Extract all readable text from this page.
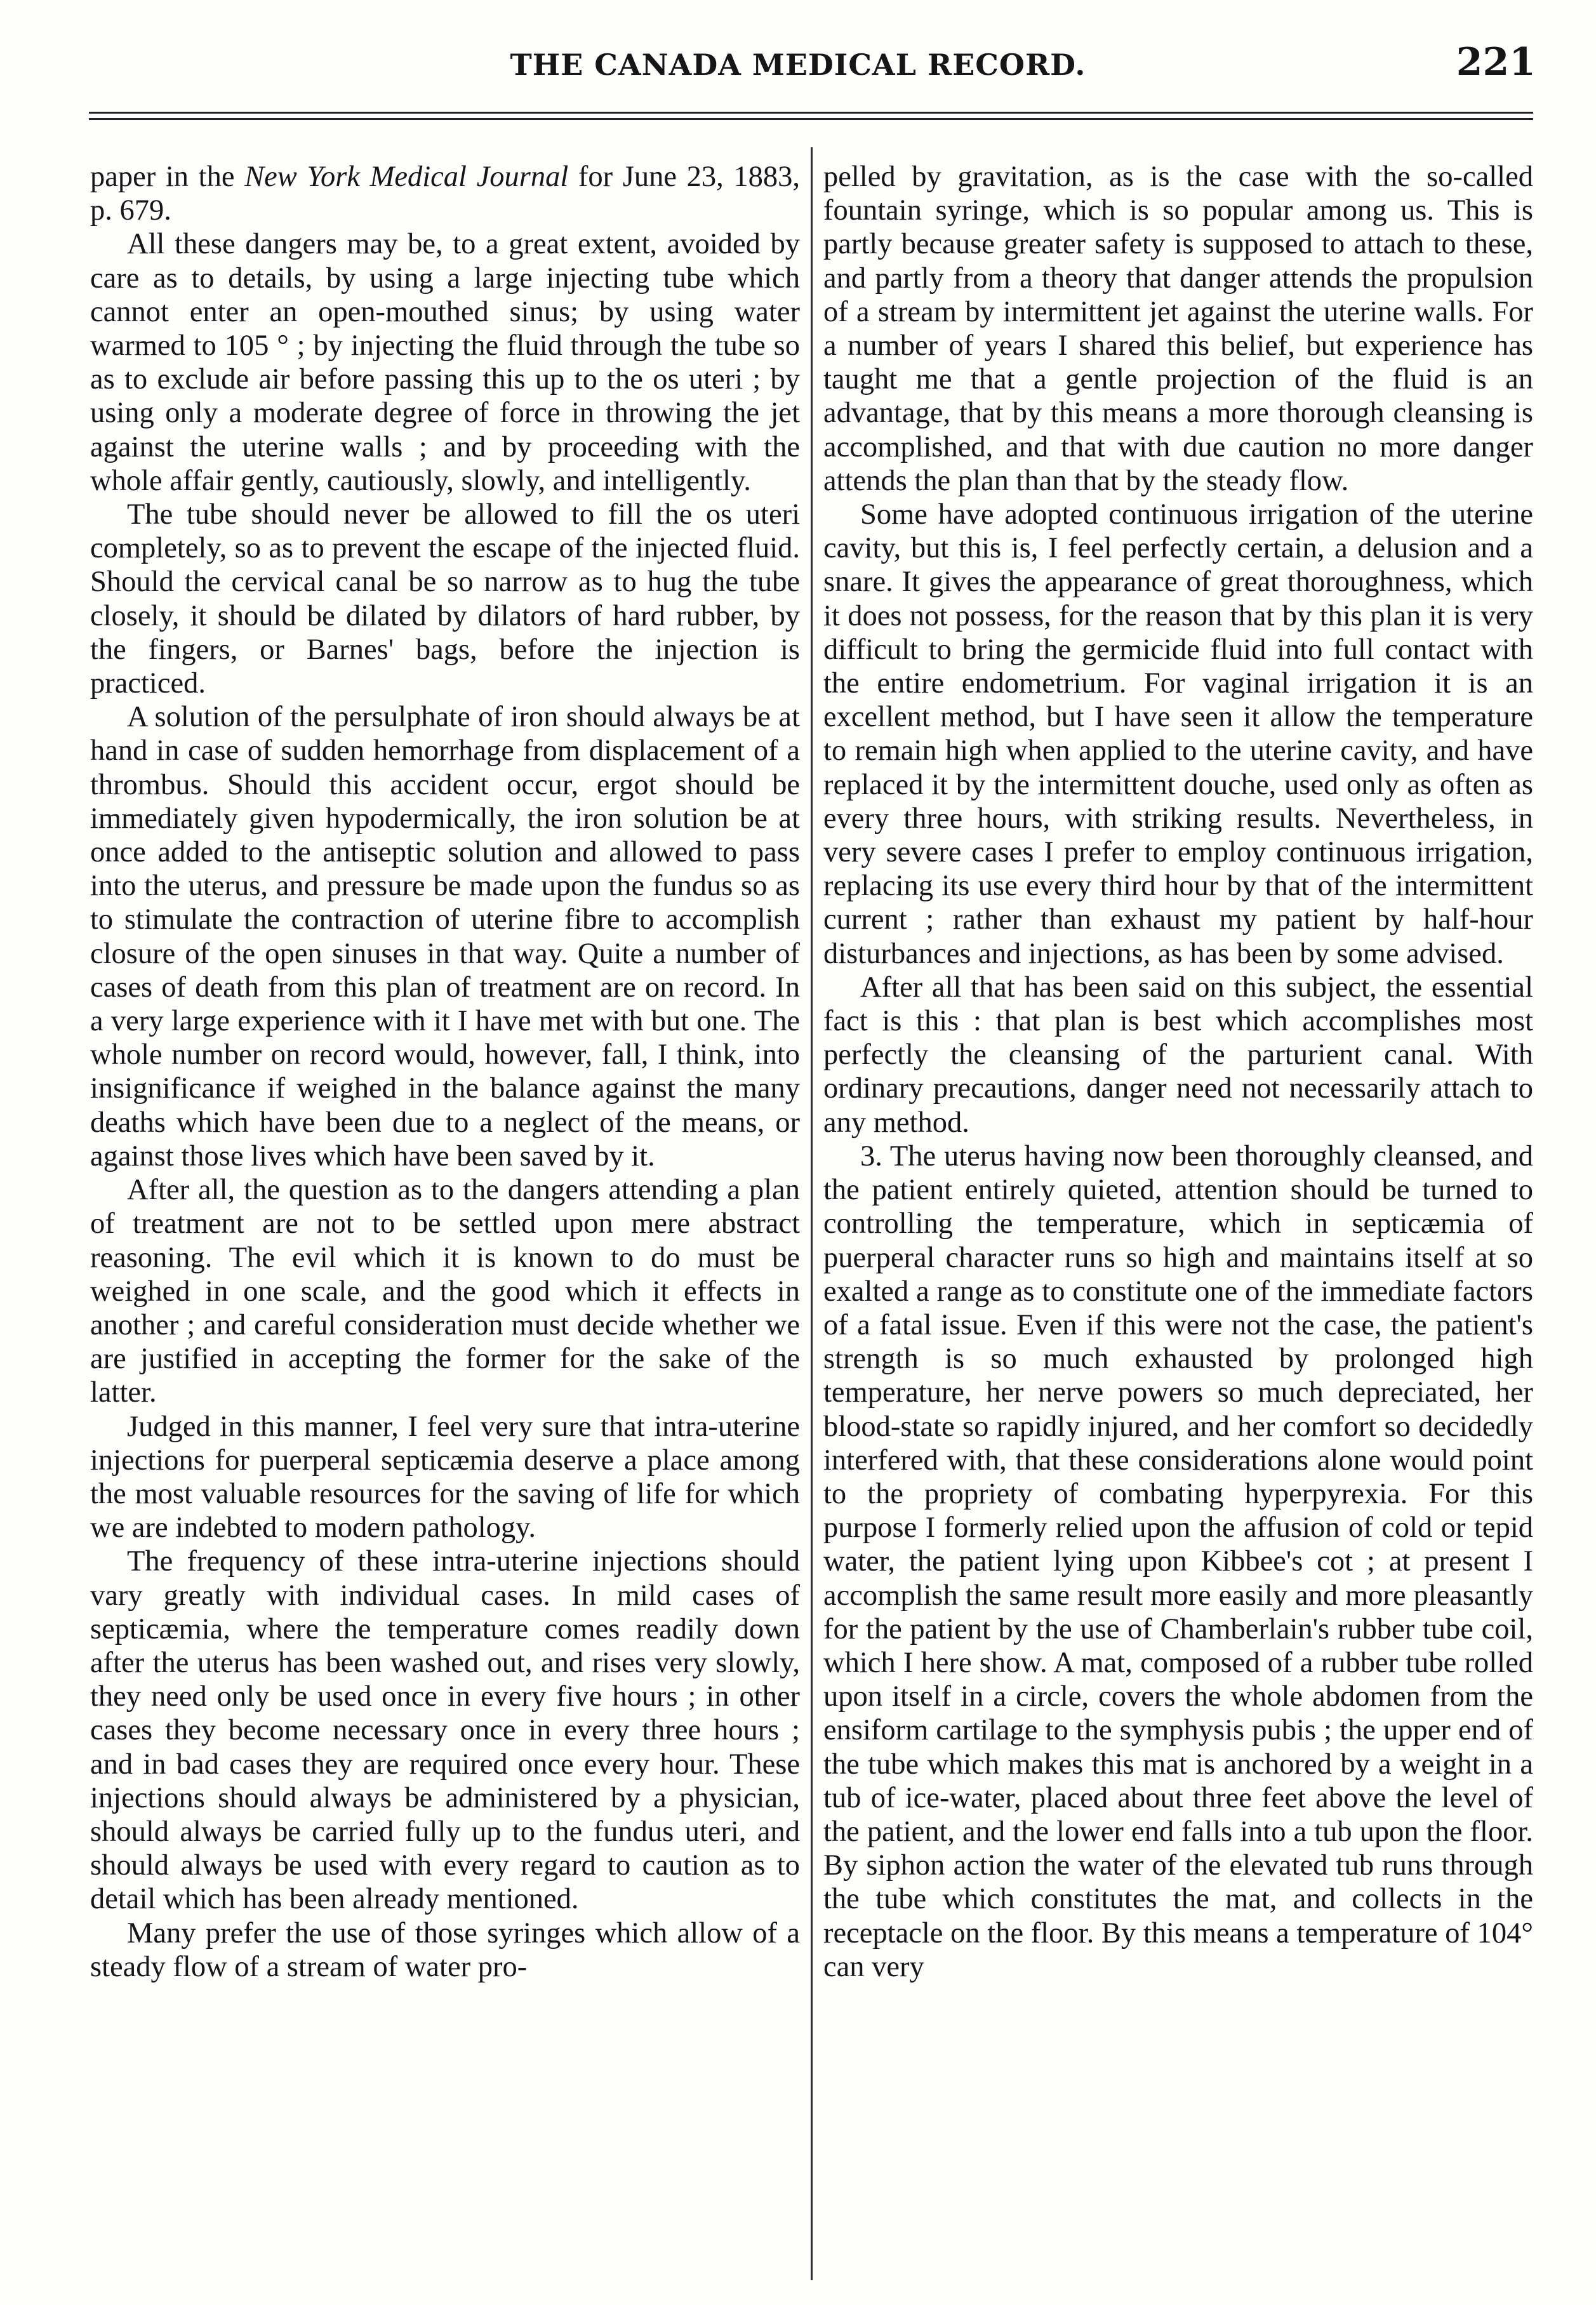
THE CANADA MEDICAL RECORD.	221

paper in the New York Medical Journal for June 23, 1883, p. 679.

All these dangers may be, to a great extent, avoided by care as to details, by using a large injecting tube which cannot enter an open-mouthed sinus; by using water warmed to 105 ° ; by injecting the fluid through the tube so as to exclude air before passing this up to the os uteri ; by using only a moderate degree of force in throwing the jet against the uterine walls ; and by proceeding with the whole affair gently, cautiously, slowly, and intelligently.

The tube should never be allowed to fill the os uteri completely, so as to prevent the escape of the injected fluid. Should the cervical canal be so narrow as to hug the tube closely, it should be dilated by dilators of hard rubber, by the fingers, or Barnes' bags, before the injection is practiced.

A solution of the persulphate of iron should always be at hand in case of sudden hemorrhage from displacement of a thrombus. Should this accident occur, ergot should be immediately given hypodermically, the iron solution be at once added to the antiseptic solution and allowed to pass into the uterus, and pressure be made upon the fundus so as to stimulate the contraction of uterine fibre to accomplish closure of the open sinuses in that way. Quite a number of cases of death from this plan of treatment are on record. In a very large experience with it I have met with but one. The whole number on record would, however, fall, I think, into insignificance if weighed in the balance against the many deaths which have been due to a neglect of the means, or against those lives which have been saved by it.

After all, the question as to the dangers attending a plan of treatment are not to be settled upon mere abstract reasoning. The evil which it is known to do must be weighed in one scale, and the good which it effects in another ; and careful consideration must decide whether we are justified in accepting the former for the sake of the latter.

Judged in this manner, I feel very sure that intra-uterine injections for puerperal septicæmia deserve a place among the most valuable resources for the saving of life for which we are indebted to modern pathology.

The frequency of these intra-uterine injections should vary greatly with individual cases. In mild cases of septicæmia, where the temperature comes readily down after the uterus has been washed out, and rises very slowly, they need only be used once in every five hours ; in other cases they become necessary once in every three hours ; and in bad cases they are required once every hour. These injections should always be administered by a physician, should always be carried fully up to the fundus uteri, and should always be used with every regard to caution as to detail which has been already mentioned.

Many prefer the use of those syringes which allow of a steady flow of a stream of water pro-

pelled by gravitation, as is the case with the so-called fountain syringe, which is so popular among us. This is partly because greater safety is supposed to attach to these, and partly from a theory that danger attends the propulsion of a stream by intermittent jet against the uterine walls. For a number of years I shared this belief, but experience has taught me that a gentle projection of the fluid is an advantage, that by this means a more thorough cleansing is accomplished, and that with due caution no more danger attends the plan than that by the steady flow.

Some have adopted continuous irrigation of the uterine cavity, but this is, I feel perfectly certain, a delusion and a snare. It gives the appearance of great thoroughness, which it does not possess, for the reason that by this plan it is very difficult to bring the germicide fluid into full contact with the entire endometrium. For vaginal irrigation it is an excellent method, but I have seen it allow the temperature to remain high when applied to the uterine cavity, and have replaced it by the intermittent douche, used only as often as every three hours, with striking results. Nevertheless, in very severe cases I prefer to employ continuous irrigation, replacing its use every third hour by that of the intermittent current ; rather than exhaust my patient by half-hour disturbances and injections, as has been by some advised.

After all that has been said on this subject, the essential fact is this : that plan is best which accomplishes most perfectly the cleansing of the parturient canal. With ordinary precautions, danger need not necessarily attach to any method.

3. The uterus having now been thoroughly cleansed, and the patient entirely quieted, attention should be turned to controlling the temperature, which in septicæmia of puerperal character runs so high and maintains itself at so exalted a range as to constitute one of the immediate factors of a fatal issue. Even if this were not the case, the patient's strength is so much exhausted by prolonged high temperature, her nerve powers so much depreciated, her blood-state so rapidly injured, and her comfort so decidedly interfered with, that these considerations alone would point to the propriety of combating hyperpyrexia. For this purpose I formerly relied upon the affusion of cold or tepid water, the patient lying upon Kibbee's cot ; at present I accomplish the same result more easily and more pleasantly for the patient by the use of Chamberlain's rubber tube coil, which I here show. A mat, composed of a rubber tube rolled upon itself in a circle, covers the whole abdomen from the ensiform cartilage to the symphysis pubis ; the upper end of the tube which makes this mat is anchored by a weight in a tub of ice-water, placed about three feet above the level of the patient, and the lower end falls into a tub upon the floor. By siphon action the water of the elevated tub runs through the tube which constitutes the mat, and collects in the receptacle on the floor. By this means a temperature of 104° can very
